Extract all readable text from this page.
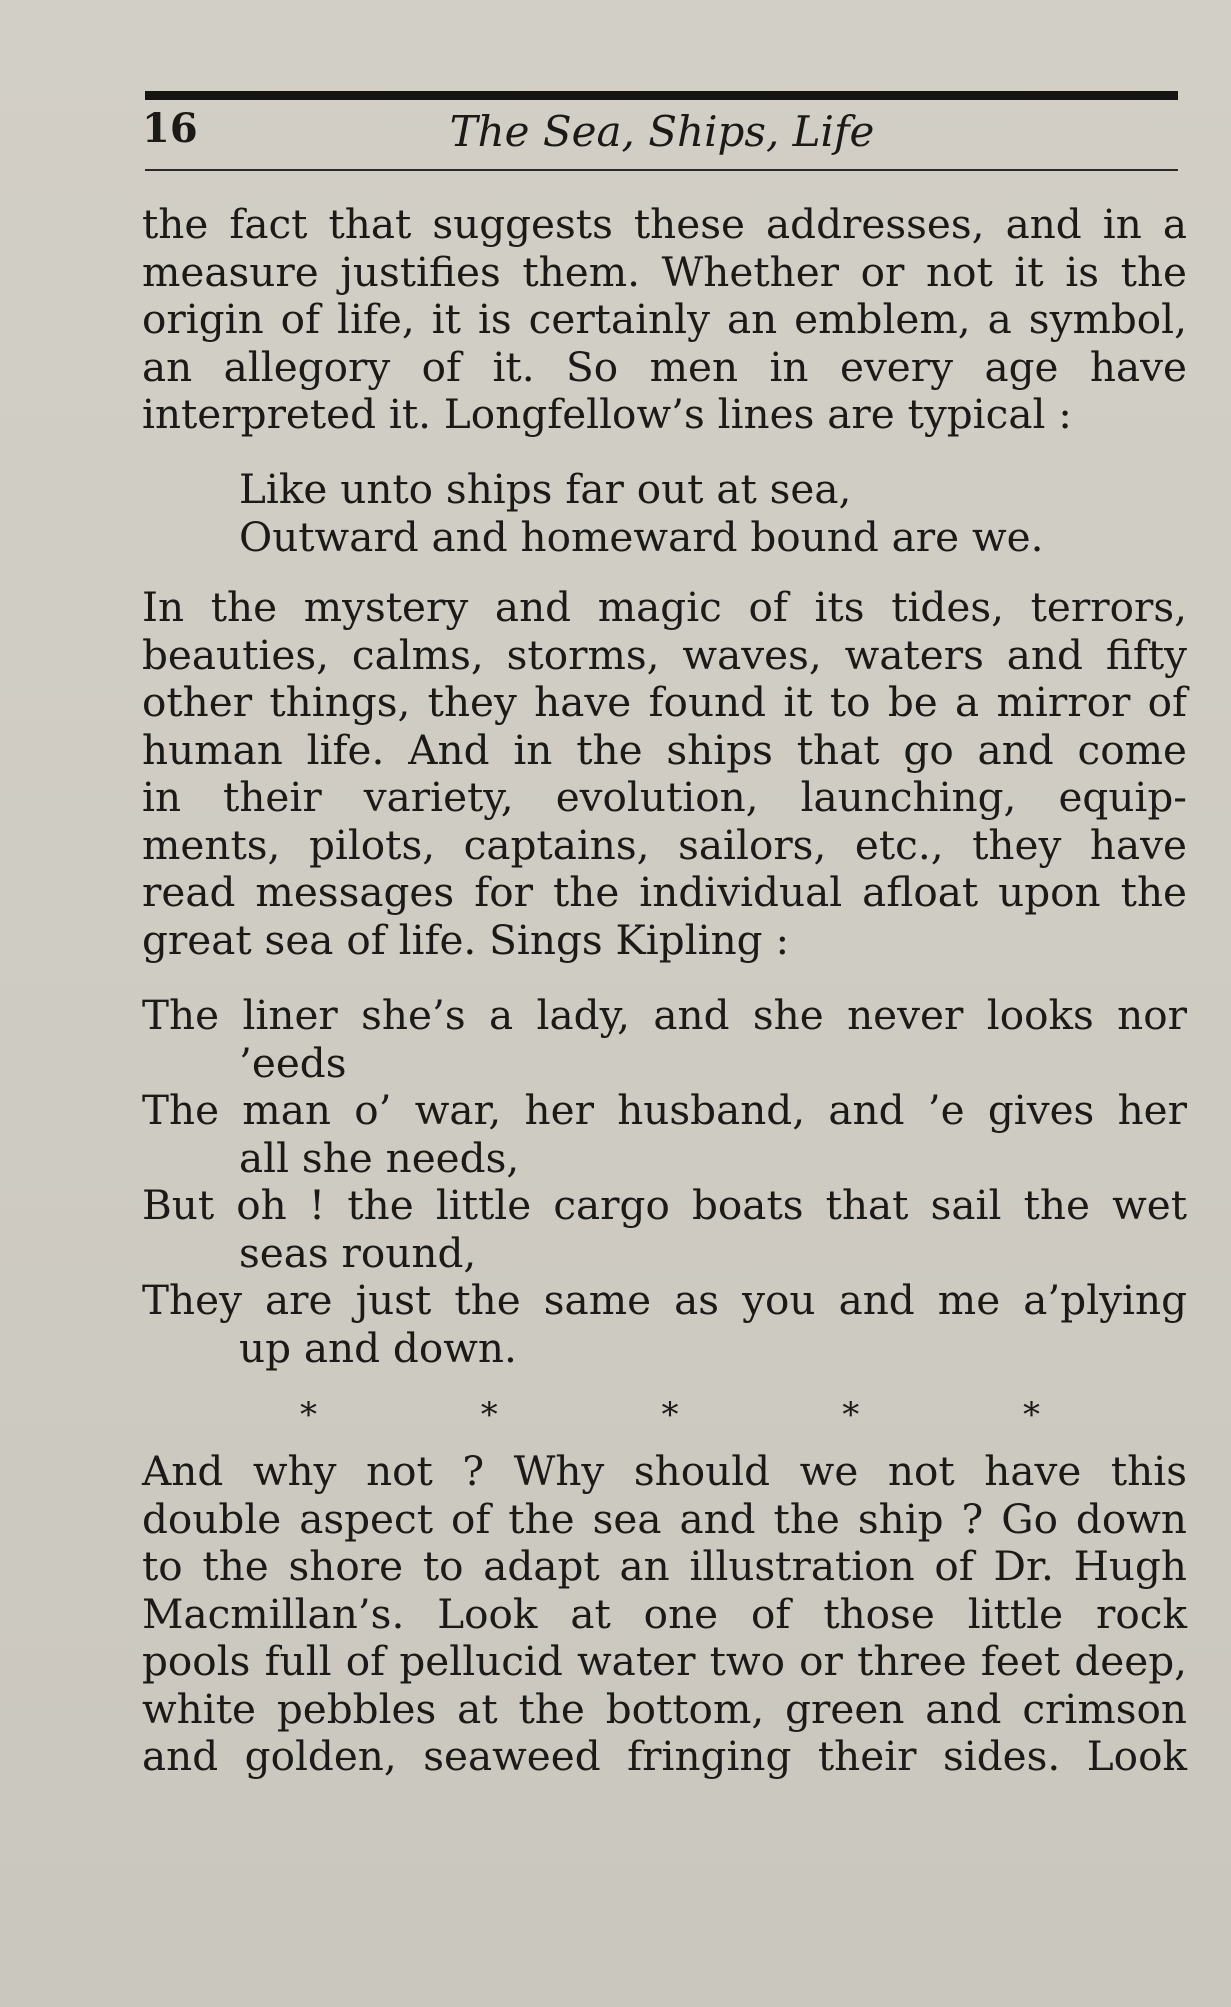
16	The Sea, Ships, Life
the fact that suggests these addresses, and in a
measure justifies them. Whether or not it is the
origin of life, it is certainly an emblem, a symbol,
an allegory of it. So men in every age have
interpreted it. Longfellow’s lines are typical :
Like unto ships far out at sea,
Outward and homeward bound are we.
In the mystery and magic of its tides, terrors,
beauties, calms, storms, waves, waters and fifty
other things, they have found it to be a mirror of
human life. And in the ships that go and come
in their variety, evolution, launching, equip-
ments, pilots, captains, sailors, etc., they have
read messages for the individual afloat upon the
great sea of life. Sings Kipling :
The liner she’s a lady, and she never looks nor
’eeds
The man o’ war, her husband, and ’e gives her
all she needs,
But oh ! the little cargo boats that sail the wet
seas round,
They are just the same as you and me a’plying
up and down.
*	*	*	*	*
And why not ? Why should we not have this
double aspect of the sea and the ship ? Go down
to the shore to adapt an illustration of Dr. Hugh
Macmillan’s. Look at one of those little rock
pools full of pellucid water two or three feet deep,
white pebbles at the bottom, green and crimson
and golden, seaweed fringing their sides. Look
